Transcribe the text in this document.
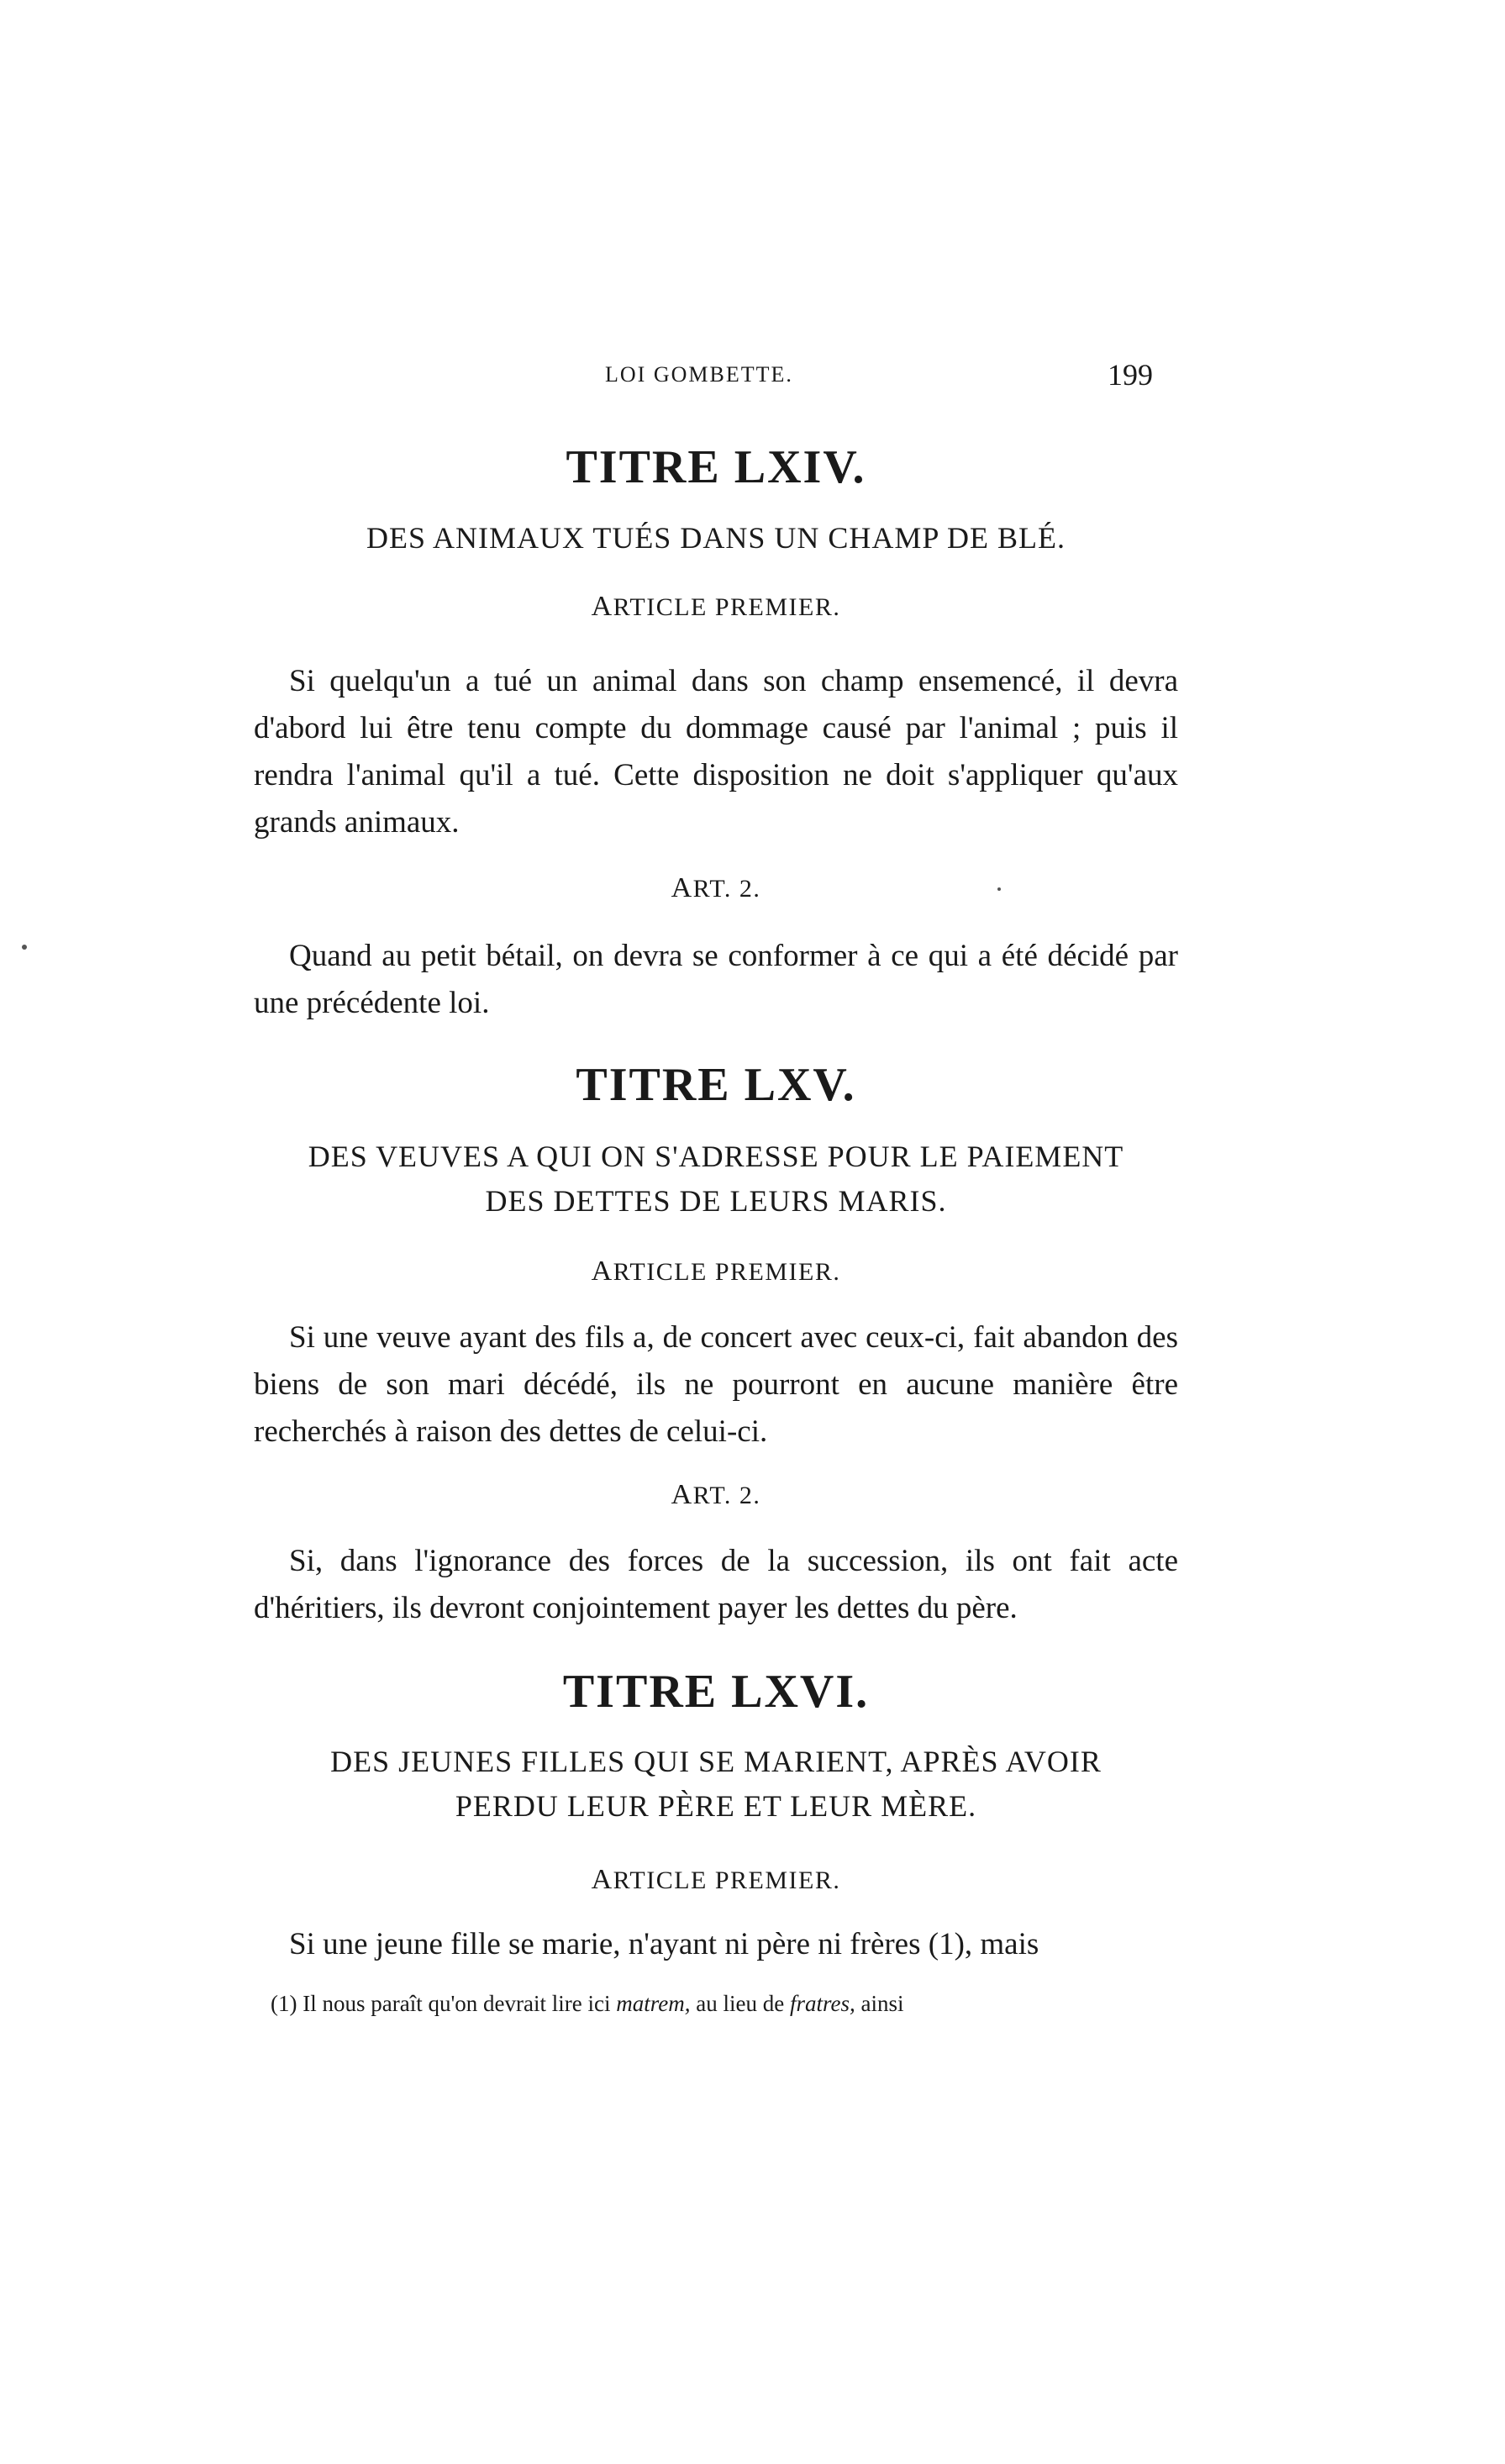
LOI GOMBETTE.	199
TITRE LXIV.

DES ANIMAUX TUÉS DANS UN CHAMP DE BLÉ.

ARTICLE PREMIER.

Si quelqu'un a tué un animal dans son champ ensemencé, il devra d'abord lui être tenu compte du dommage causé par l'animal ; puis il rendra l'animal qu'il a tué. Cette disposition ne doit s'appliquer qu'aux grands animaux.

ART. 2.

Quand au petit bétail, on devra se conformer à ce qui a été décidé par une précédente loi.

TITRE LXV.

DES VEUVES A QUI ON S'ADRESSE POUR LE PAIEMENT

DES DETTES DE LEURS MARIS.

ARTICLE PREMIER.

Si une veuve ayant des fils a, de concert avec ceux-ci, fait abandon des biens de son mari décédé, ils ne pourront en aucune manière être recherchés à raison des dettes de celui-ci.

ART. 2.

Si, dans l'ignorance des forces de la succession, ils ont fait acte d'héritiers, ils devront conjointement payer les dettes du père.

TITRE LXVI.

DES JEUNES FILLES QUI SE MARIENT, APRÈS AVOIR

PERDU LEUR PÈRE ET LEUR MÈRE.

ARTICLE PREMIER.

Si une jeune fille se marie, n'ayant ni père ni frères (1), mais

(1) Il nous paraît qu'on devrait lire ici matrem, au lieu de fratres, ainsi
